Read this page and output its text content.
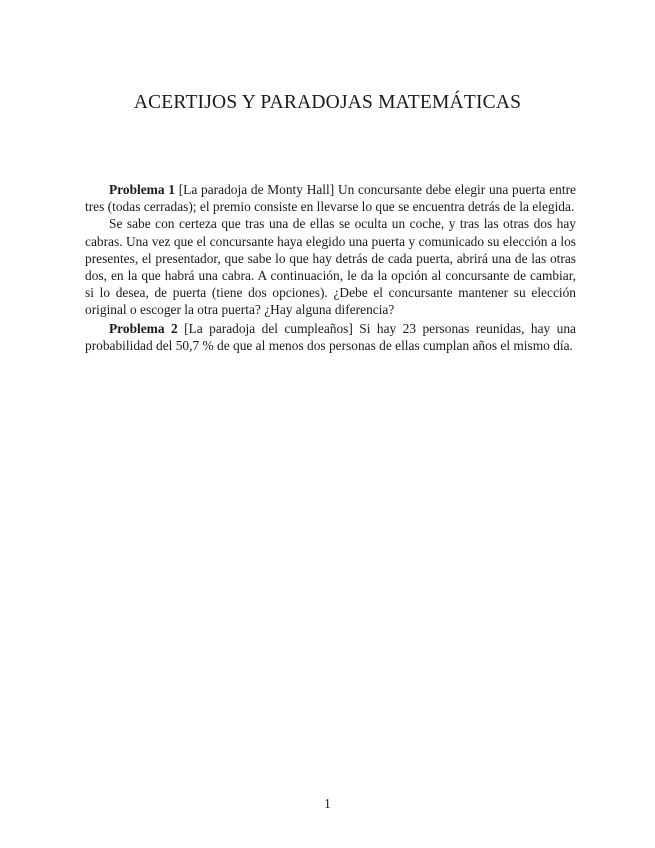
ACERTIJOS Y PARADOJAS MATEMÁTICAS

Problema 1 [La paradoja de Monty Hall] Un concursante debe elegir una puerta entre tres (todas cerradas); el premio consiste en llevarse lo que se encuentra detrás de la elegida.

Se sabe con certeza que tras una de ellas se oculta un coche, y tras las otras dos hay cabras. Una vez que el concursante haya elegido una puerta y comunicado su elección a los presentes, el presentador, que sabe lo que hay detrás de cada puerta, abrirá una de las otras dos, en la que habrá una cabra. A continuación, le da la opción al concursante de cambiar, si lo desea, de puerta (tiene dos opciones). ¿Debe el concursante mantener su elección original o escoger la otra puerta? ¿Hay alguna diferencia?

Problema 2 [La paradoja del cumpleaños] Si hay 23 personas reunidas, hay una probabilidad del 50,7 % de que al menos dos personas de ellas cumplan años el mismo día.

1
